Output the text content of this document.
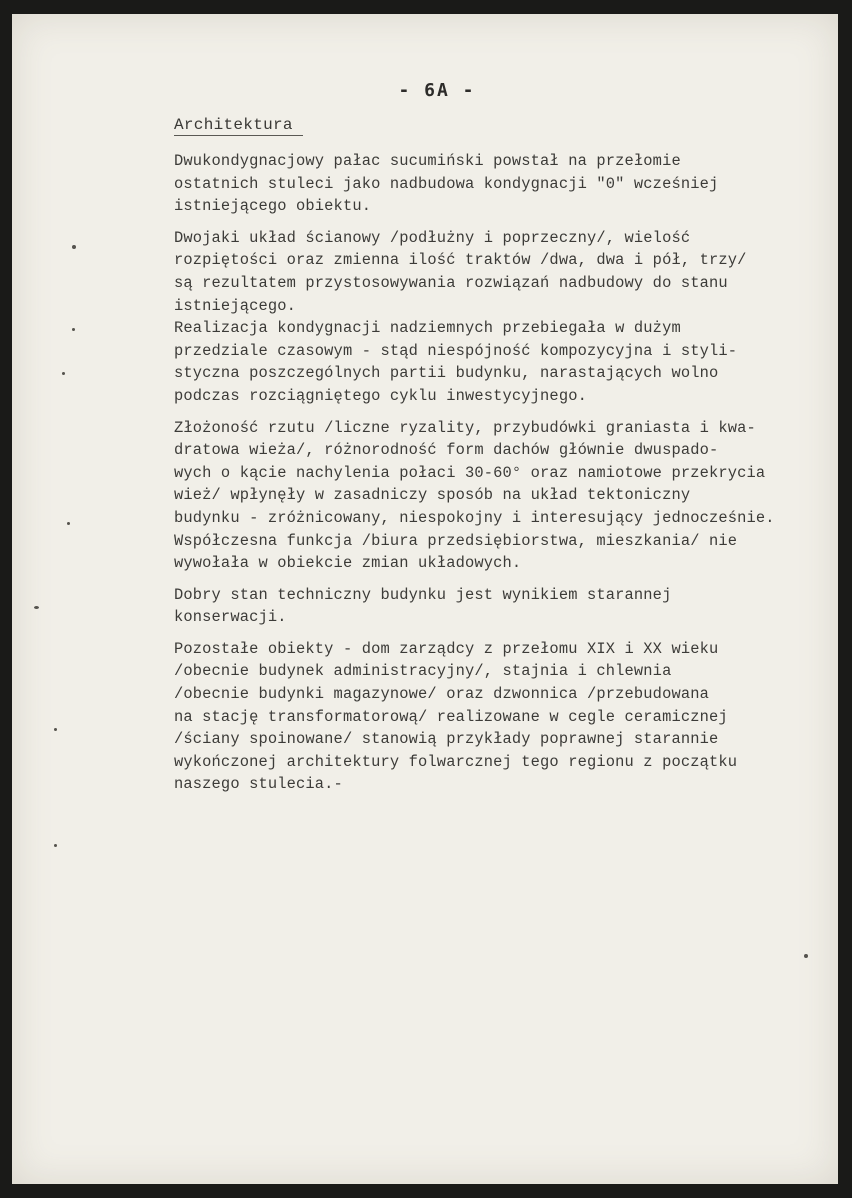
- 6A -
Architektura

Dwukondygnacjowy pałac sucumiński powstał na przełomie
ostatnich stuleci jako nadbudowa kondygnacji "0" wcześniej
istniejącego obiektu.

Dwojaki układ ścianowy /podłużny i poprzeczny/, wielość
rozpiętości oraz zmienna ilość traktów /dwa, dwa i pół, trzy/
są rezultatem przystosowywania rozwiązań nadbudowy do stanu
istniejącego.

Realizacja kondygnacji nadziemnych przebiegała w dużym
przedziale czasowym - stąd niespójność kompozycyjna i styli-
styczna poszczególnych partii budynku, narastających wolno
podczas rozciągniętego cyklu inwestycyjnego.

Złożoność rzutu /liczne ryzality, przybudówki graniasta i kwa-
dratowa wieża/, różnorodność form dachów głównie dwuspado-
wych o kącie nachylenia połaci 30-60° oraz namiotowe przekrycia
wież/ wpłynęły w zasadniczy sposób na układ tektoniczny
budynku - zróżnicowany, niespokojny i interesujący jednocześnie.
Współczesna funkcja /biura przedsiębiorstwa, mieszkania/ nie
wywołała w obiekcie zmian układowych.

Dobry stan techniczny budynku jest wynikiem starannej
konserwacji.

Pozostałe obiekty - dom zarządcy z przełomu XIX i XX wieku
/obecnie budynek administracyjny/, stajnia i chlewnia
/obecnie budynki magazynowe/ oraz dzwonnica /przebudowana
na stację transformatorową/ realizowane w cegle ceramicznej
/ściany spoinowane/ stanowią przykłady poprawnej starannie
wykończonej architektury folwarcznej tego regionu z początku
naszego stulecia.-
